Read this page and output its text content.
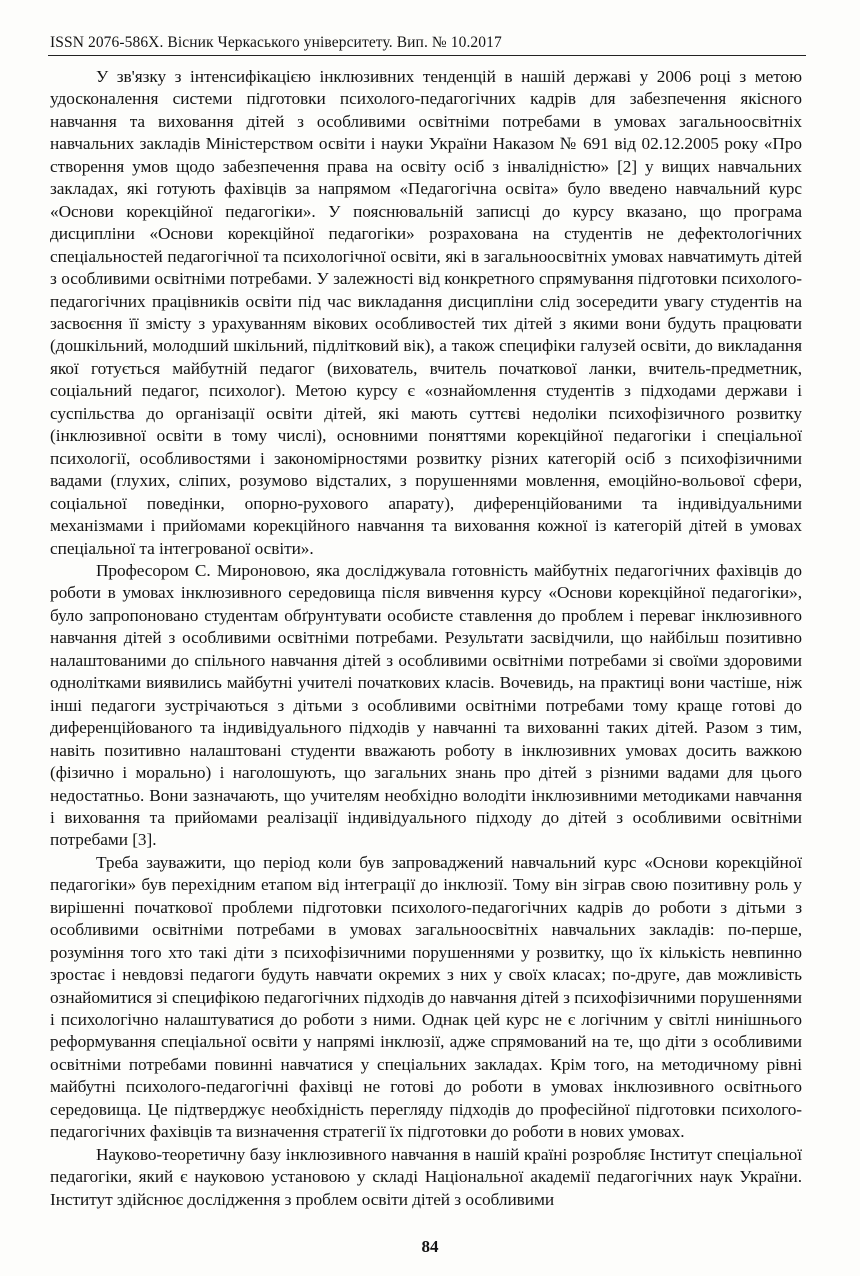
ISSN 2076-586X. Вісник Черкаського університету. Вип. № 10.2017

У зв'язку з інтенсифікацією інклюзивних тенденцій в нашій державі у 2006 році з метою удосконалення системи підготовки психолого-педагогічних кадрів для забезпечення якісного навчання та виховання дітей з особливими освітніми потребами в умовах загальноосвітніх навчальних закладів Міністерством освіти і науки України Наказом № 691 від 02.12.2005 року «Про створення умов щодо забезпечення права на освіту осіб з інвалідністю» [2] у вищих навчальних закладах, які готують фахівців за напрямом «Педагогічна освіта» було введено навчальний курс «Основи корекційної педагогіки». У пояснювальній записці до курсу вказано, що програма дисципліни «Основи корекційної педагогіки» розрахована на студентів не дефектологічних спеціальностей педагогічної та психологічної освіти, які в загальноосвітніх умовах навчатимуть дітей з особливими освітніми потребами. У залежності від конкретного спрямування підготовки психолого-педагогічних працівників освіти під час викладання дисципліни слід зосередити увагу студентів на засвоєння її змісту з урахуванням вікових особливостей тих дітей з якими вони будуть працювати (дошкільний, молодший шкільний, підлітковий вік), а також специфіки галузей освіти, до викладання якої готується майбутній педагог (вихователь, вчитель початкової ланки, вчитель-предметник, соціальний педагог, психолог). Метою курсу є «ознайомлення студентів з підходами держави і суспільства до організації освіти дітей, які мають суттєві недоліки психофізичного розвитку (інклюзивної освіти в тому числі), основними поняттями корекційної педагогіки і спеціальної психології, особливостями і закономірностями розвитку різних категорій осіб з психофізичними вадами (глухих, сліпих, розумово відсталих, з порушеннями мовлення, емоційно-вольової сфери, соціальної поведінки, опорно-рухового апарату), диференційованими та індивідуальними механізмами і прийомами корекційного навчання та виховання кожної із категорій дітей в умовах спеціальної та інтегрованої освіти».

Професором С. Мироновою, яка досліджувала готовність майбутніх педагогічних фахівців до роботи в умовах інклюзивного середовища після вивчення курсу «Основи корекційної педагогіки», було запропоновано студентам обґрунтувати особисте ставлення до проблем і переваг інклюзивного навчання дітей з особливими освітніми потребами. Результати засвідчили, що найбільш позитивно налаштованими до спільного навчання дітей з особливими освітніми потребами зі своїми здоровими однолітками виявились майбутні учителі початкових класів. Вочевидь, на практиці вони частіше, ніж інші педагоги зустрічаються з дітьми з особливими освітніми потребами тому краще готові до диференційованого та індивідуального підходів у навчанні та вихованні таких дітей. Разом з тим, навіть позитивно налаштовані студенти вважають роботу в інклюзивних умовах досить важкою (фізично і морально) і наголошують, що загальних знань про дітей з різними вадами для цього недостатньо. Вони зазначають, що учителям необхідно володіти інклюзивними методиками навчання і виховання та прийомами реалізації індивідуального підходу до дітей з особливими освітніми потребами [3].

Треба зауважити, що період коли був запроваджений навчальний курс «Основи корекційної педагогіки» був перехідним етапом від інтеграції до інклюзії. Тому він зіграв свою позитивну роль у вирішенні початкової проблеми підготовки психолого-педагогічних кадрів до роботи з дітьми з особливими освітніми потребами в умовах загальноосвітніх навчальних закладів: по-перше, розуміння того хто такі діти з психофізичними порушеннями у розвитку, що їх кількість невпинно зростає і невдовзі педагоги будуть навчати окремих з них у своїх класах; по-друге, дав можливість ознайомитися зі специфікою педагогічних підходів до навчання дітей з психофізичними порушеннями і психологічно налаштуватися до роботи з ними. Однак цей курс не є логічним у світлі нинішнього реформування спеціальної освіти у напрямі інклюзії, адже спрямований на те, що діти з особливими освітніми потребами повинні навчатися у спеціальних закладах. Крім того, на методичному рівні майбутні психолого-педагогічні фахівці не готові до роботи в умовах інклюзивного освітнього середовища. Це підтверджує необхідність перегляду підходів до професійної підготовки психолого-педагогічних фахівців та визначення стратегії їх підготовки до роботи в нових умовах.

Науково-теоретичну базу інклюзивного навчання в нашій країні розробляє Інститут спеціальної педагогіки, який є науковою установою у складі Національної академії педагогічних наук України. Інститут здійснює дослідження з проблем освіти дітей з особливими

84
